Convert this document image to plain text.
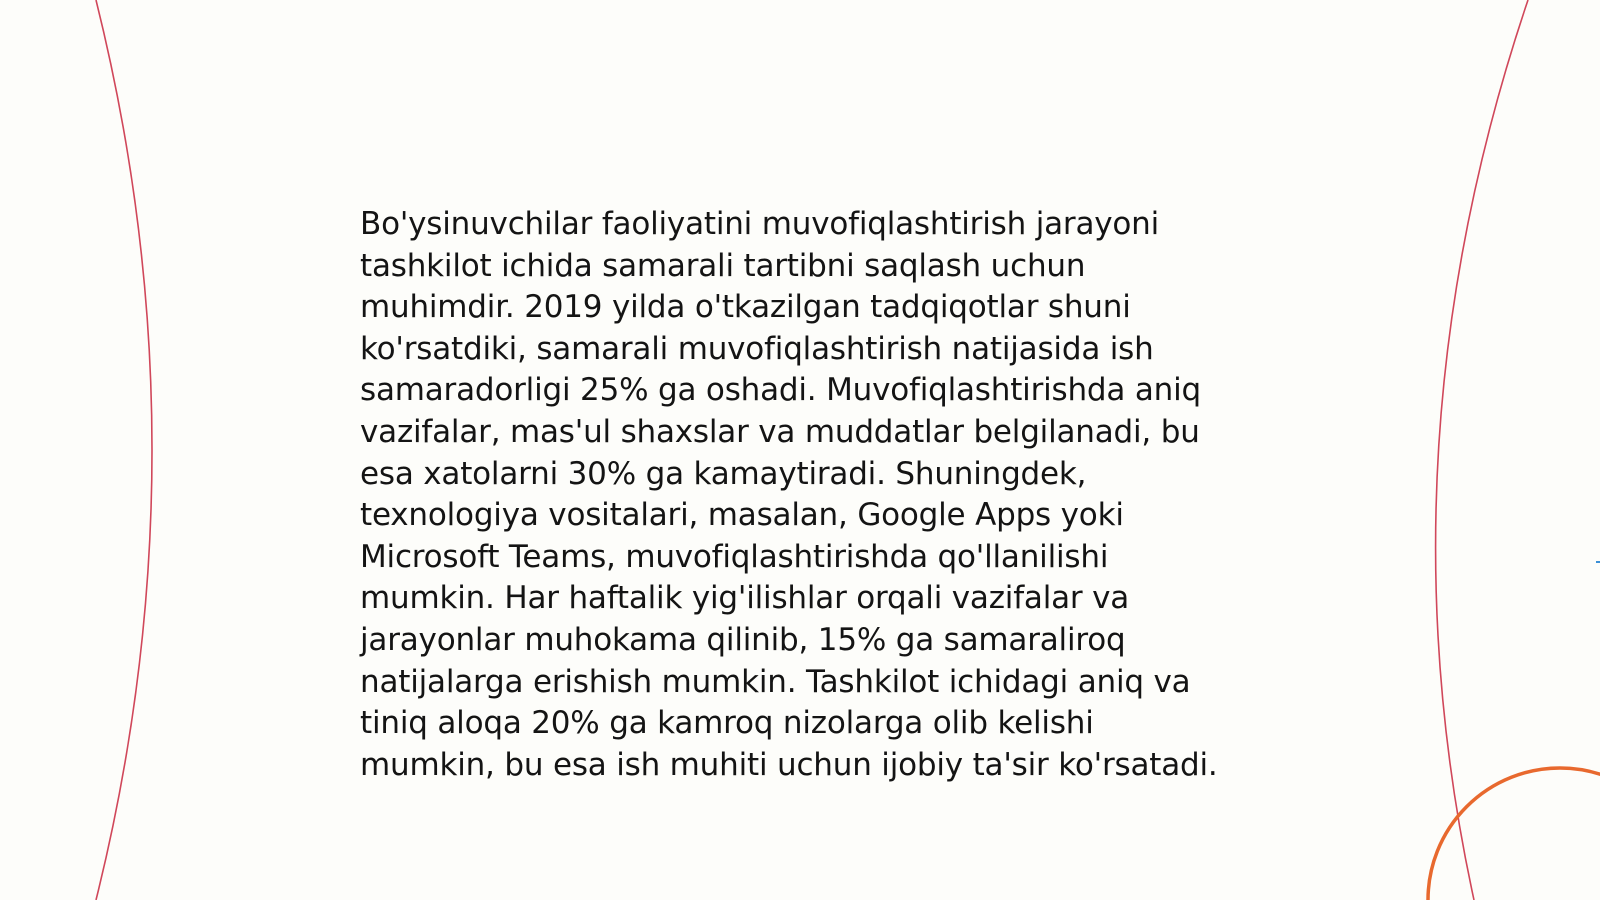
Bo'ysinuvchilar faoliyatini muvofiqlashtirish jarayoni tashkilot ichida samarali tartibni saqlash uchun muhimdir. 2019 yilda o'tkazilgan tadqiqotlar shuni ko'rsatdiki, samarali muvofiqlashtirish natijasida ish samaradorligi 25% ga oshadi. Muvofiqlashtirishda aniq vazifalar, mas'ul shaxslar va muddatlar belgilanadi, bu esa xatolarni 30% ga kamaytiradi. Shuningdek, texnologiya vositalari, masalan, Google Apps yoki Microsoft Teams, muvofiqlashtirishda qo'llanilishi mumkin. Har haftalik yig'ilishlar orqali vazifalar va jarayonlar muhokama qilinib, 15% ga samaraliroq natijalarga erishish mumkin. Tashkilot ichidagi aniq va tiniq aloqa 20% ga kamroq nizolarga olib kelishi mumkin, bu esa ish muhiti uchun ijobiy ta'sir ko'rsatadi.
